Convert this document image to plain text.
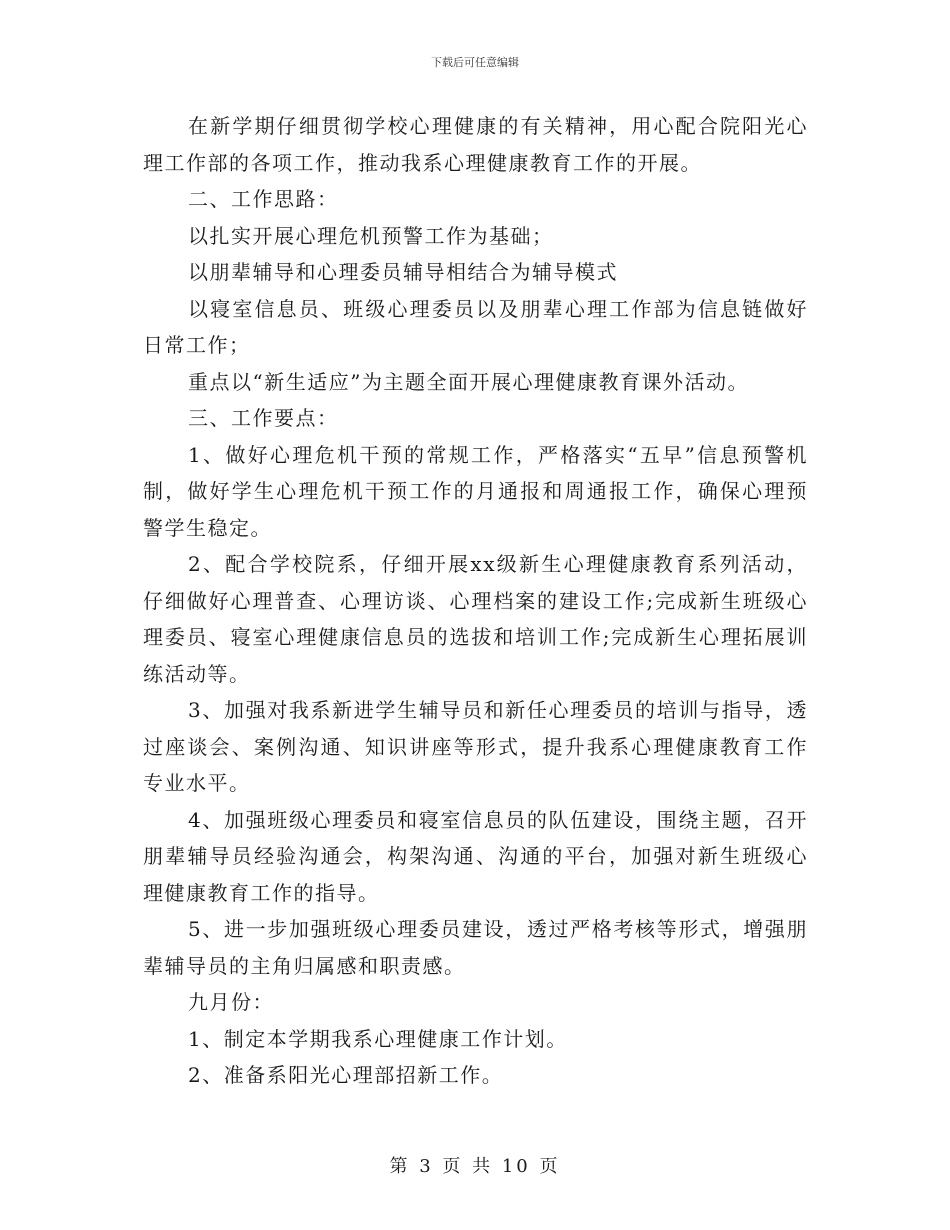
下载后可任意编辑

在新学期仔细贯彻学校心理健康的有关精神，用心配合院阳光心理工作部的各项工作，推动我系心理健康教育工作的开展。

二、工作思路：

以扎实开展心理危机预警工作为基础；

以朋辈辅导和心理委员辅导相结合为辅导模式

以寝室信息员、班级心理委员以及朋辈心理工作部为信息链做好日常工作；

重点以“新生适应”为主题全面开展心理健康教育课外活动。

三、工作要点：

1、做好心理危机干预的常规工作，严格落实“五早”信息预警机制，做好学生心理危机干预工作的月通报和周通报工作，确保心理预警学生稳定。

2、配合学校院系，仔细开展xx级新生心理健康教育系列活动，仔细做好心理普查、心理访谈、心理档案的建设工作;完成新生班级心理委员、寝室心理健康信息员的选拔和培训工作;完成新生心理拓展训练活动等。

3、加强对我系新进学生辅导员和新任心理委员的培训与指导，透过座谈会、案例沟通、知识讲座等形式，提升我系心理健康教育工作专业水平。

4、加强班级心理委员和寝室信息员的队伍建设，围绕主题，召开朋辈辅导员经验沟通会，构架沟通、沟通的平台，加强对新生班级心理健康教育工作的指导。

5、进一步加强班级心理委员建设，透过严格考核等形式，增强朋辈辅导员的主角归属感和职责感。

九月份：

1、制定本学期我系心理健康工作计划。

2、准备系阳光心理部招新工作。

第 3 页 共 10 页
